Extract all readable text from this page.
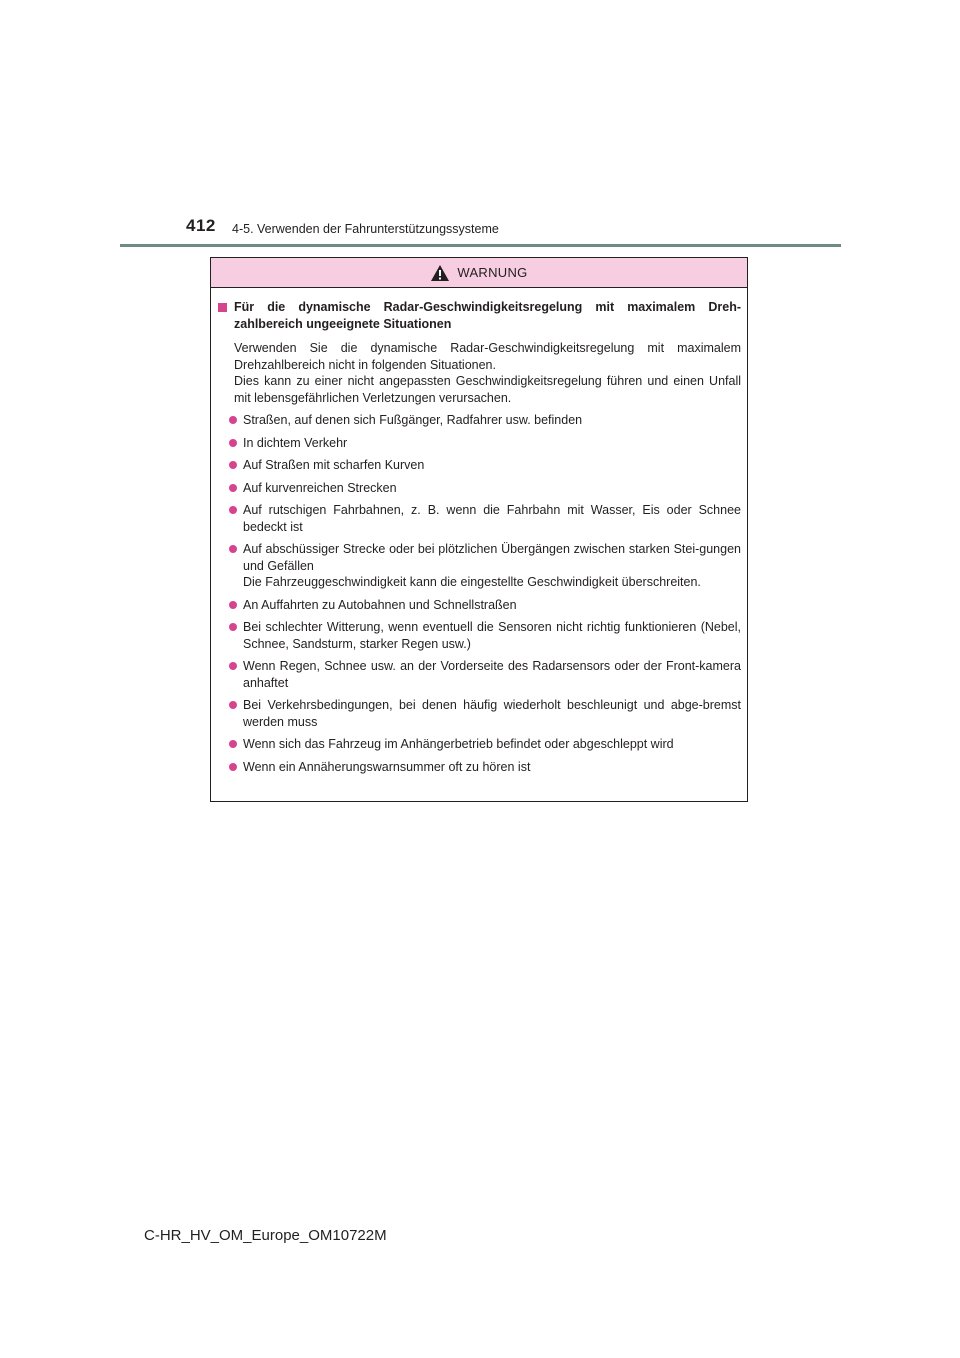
412 4-5. Verwenden der Fahrunterstützungssysteme
WARNUNG
Für die dynamische Radar-Geschwindigkeitsregelung mit maximalem Dreh-zahlbereich ungeeignete Situationen

Verwenden Sie die dynamische Radar-Geschwindigkeitsregelung mit maximalem Drehzahlbereich nicht in folgenden Situationen.

Dies kann zu einer nicht angepassten Geschwindigkeitsregelung führen und einen Unfall mit lebensgefährlichen Verletzungen verursachen.

Straßen, auf denen sich Fußgänger, Radfahrer usw. befinden
In dichtem Verkehr
Auf Straßen mit scharfen Kurven
Auf kurvenreichen Strecken
Auf rutschigen Fahrbahnen, z. B. wenn die Fahrbahn mit Wasser, Eis oder Schnee bedeckt ist
Auf abschüssiger Strecke oder bei plötzlichen Übergängen zwischen starken Stei-gungen und Gefällen
Die Fahrzeuggeschwindigkeit kann die eingestellte Geschwindigkeit überschreiten.
An Auffahrten zu Autobahnen und Schnellstraßen
Bei schlechter Witterung, wenn eventuell die Sensoren nicht richtig funktionieren (Nebel, Schnee, Sandsturm, starker Regen usw.)
Wenn Regen, Schnee usw. an der Vorderseite des Radarsensors oder der Front-kamera anhaftet
Bei Verkehrsbedingungen, bei denen häufig wiederholt beschleunigt und abge-bremst werden muss
Wenn sich das Fahrzeug im Anhängerbetrieb befindet oder abgeschleppt wird
Wenn ein Annäherungswarnsummer oft zu hören ist
C-HR_HV_OM_Europe_OM10722M
